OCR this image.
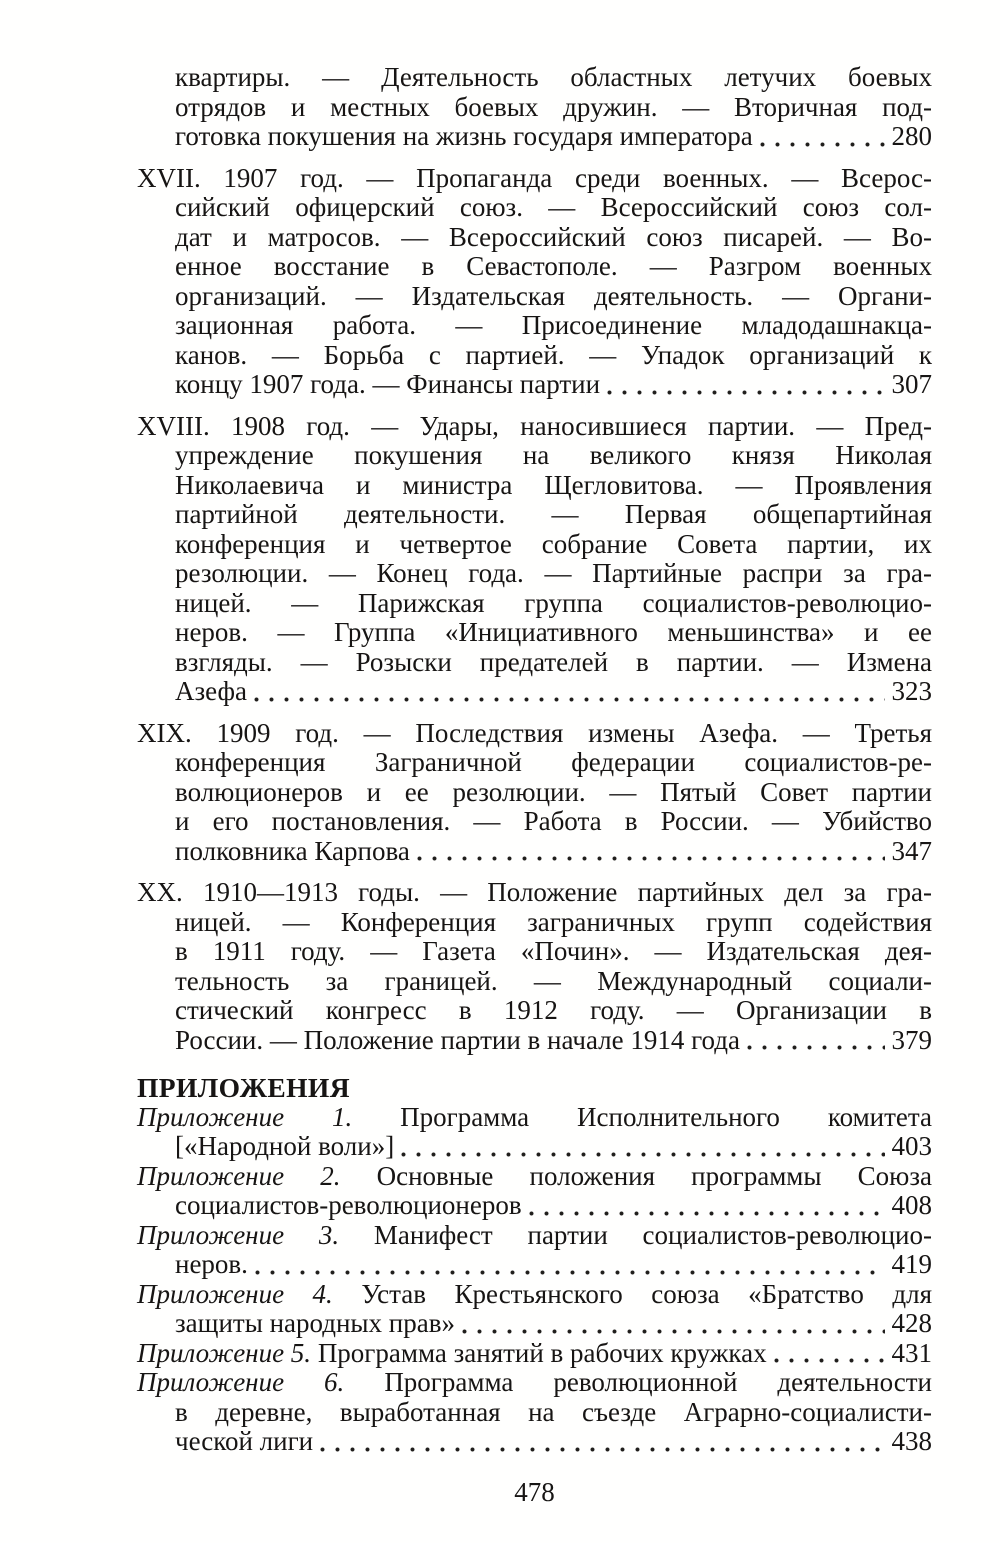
квартиры. — Деятельность областных летучих боевых
отрядов и местных боевых дружин. — Вторичная под-
готовка покушения на жизнь государя императора	280
XVII. 1907 год. — Пропаганда среди военных. — Всерос-
сийский офицерский союз. — Всероссийский союз сол-
дат и матросов. — Всероссийский союз писарей. — Во-
енное восстание в Севастополе. — Разгром военных
организаций. — Издательская деятельность. — Органи-
зационная работа. — Присоединение младодашнакца-
канов. — Борьба с партией. — Упадок организаций к
концу 1907 года. — Финансы партии	307
XVIII. 1908 год. — Удары, наносившиеся партии. — Пред-
упреждение покушения на великого князя Николая
Николаевича и министра Щегловитова. — Проявления
партийной деятельности. — Первая общепартийная
конференция и четвертое собрание Совета партии, их
резолюции. — Конец года. — Партийные распри за гра-
ницей. — Парижская группа социалистов-революцио-
неров. — Группа «Инициативного меньшинства» и ее
взгляды. — Розыски предателей в партии. — Измена
Азефа	323
XIX. 1909 год. — Последствия измены Азефа. — Третья
конференция Заграничной федерации социалистов-ре-
волюционеров и ее резолюции. — Пятый Совет партии
и его постановления. — Работа в России. — Убийство
полковника Карпова	347
XX. 1910—1913 годы. — Положение партийных дел за гра-
ницей. — Конференция заграничных групп содействия
в 1911 году. — Газета «Почин». — Издательская дея-
тельность за границей. — Международный социали-
стический конгресс в 1912 году. — Организации в
России. — Положение партии в начале 1914 года	379
ПРИЛОЖЕНИЯ
Приложение 1. Программа Исполнительного комитета
[«Народной воли»]	403
Приложение 2. Основные положения программы Союза
социалистов-революционеров	408
Приложение 3. Манифест партии социалистов-революцио-
неров.	419
Приложение 4. Устав Крестьянского союза «Братство для
защиты народных прав»	428
Приложение 5. Программа занятий в рабочих кружках	431
Приложение 6. Программа революционной деятельности
в деревне, выработанная на съезде Аграрно-социалисти-
ческой лиги	438
478
